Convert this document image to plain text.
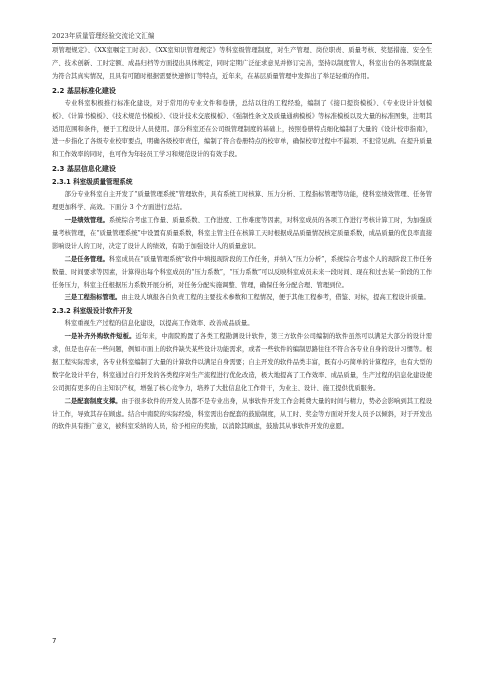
2023年质量管理经验交流论文汇编

项管理规定》、《XX室嘱定工时表》、《XX室知识管理规定》等科室级管理制度，对生产管理、岗位职责、质量考核、奖惩措施、安全生产、技术创新、工时定额、成品归档等方面提出具体规定，同时定期广泛征求意见并修订完善，坚持以制度管人，科室出台的各项制度最为符合其真实情况，且具有可随时根据需要快速修订等特点，近年来，在基层质量管理中发挥出了举足轻重的作用。

2.2 基层标准化建设

专业科室积极推行标准化建设，对于常用的专业文件和卷册，总结以往的工程经验，编制了《接口提资模板》、《专业设计计划模板》、《计算书模板》、《技术规范书模板》、《设计技术交底模板》、《强制性条文及质量通病模板》等标准模板以及大量的标准图集，注明其适用范围和条件，便于工程设计人员使用。部分科室还在公司级管理制度的基础上，按照卷册特点细化编制了大量的《设计校审指南》，进一步指化了各级专业校审要点，明确各级校审责任，编制了符合卷册特点的校审单，确保校审过程中不漏项、不犯常见病。在提升质量和工作效率的同时，也可作为年轻员工学习和规范设计的有效手段。

2.3 基层信息化建设
2.3.1 科室级质量管理系统

部分专业科室自主开发了“质量管理系统”管理软件，具有系统工时核算、压力分析、工程指标管理等功能，使科室绩效管理、任务管理更加科学、高效。下面分 3 个方面进行总结。

一是绩效管理。系统综合考虑工作量、质量系数、工作进度、工作难度等因素，对科室成员的各项工作进行考核计算工时，为加强质量考核管理，在“质量管理系统”中设置有质量系数，科室主管主任在核算工天时根据成品质量情况核定质量系数，成品质量的优良率直接影响设计人的工时，决定了设计人的绩效，有助于加强设计人的质量意识。

二是任务管理。科室成员在“质量管理系统”软件中填报现阶段的工作任务，并纳入“压力分析”，系统综合考虑个人的现阶段工作任务数量、时间要求等因素，计算得出每个科室成员的“压力系数”，“压力系数”可以反映科室成员未来一段时间、现在和过去某一阶段的工作任务压力，科室主任根据压力系数开展分析，对任务分配实施调整、管理，确保任务分配合理、管理到位。

三是工程指标管理。由主设人填报各自负责工程的主要技术参数和工程情况，便于其他工程参考，借鉴、对标，提高工程设计质量。

2.3.2 科室级设计软件开发

科室重视生产过程的信息化建设，以提高工作效率、改善成品质量。

一是补齐外购软件短板。近年来，中南院购置了各类工程勘测设计软件，第三方软件公司编制的软件虽然可以满足大部分的设计需求，但是也存在一些问题，例如市面上的软件缺失某些设计功能需求，或者一些软件的编制思路往往不符合各专业自身的设计习惯等。根据工程实际需求，各专业科室编制了大量的计算软件以满足自身需要；自主开发的软件品类丰富，既有小巧简单的计算程序，也有大型的数字化设计平台，科室通过自行开发的各类程序对生产流程进行优化改造，极大地提高了工作效率、成品质量，生产过程的信息化建设使公司拥有更多的自主知识产权，增强了核心竞争力，培养了大批信息化工作骨干，为业主、设计、施工提供优质服务。

二是配套制度支撑。由于很多软件的开发人员都不是专业出身，从事软件开发工作会耗费大量的时间与精力，势必会影响到其工程设计工作，导致其存在顾虑。结合中南院的实际经验，科室需出台配套的鼓励制度，从工时、奖金等方面对开发人员予以倾斜，对于开发出的软件具有推广意义，被科室采纳的人员，给予相应的奖励，以消除其顾虑，鼓励其从事软件开发的意愿。

7
